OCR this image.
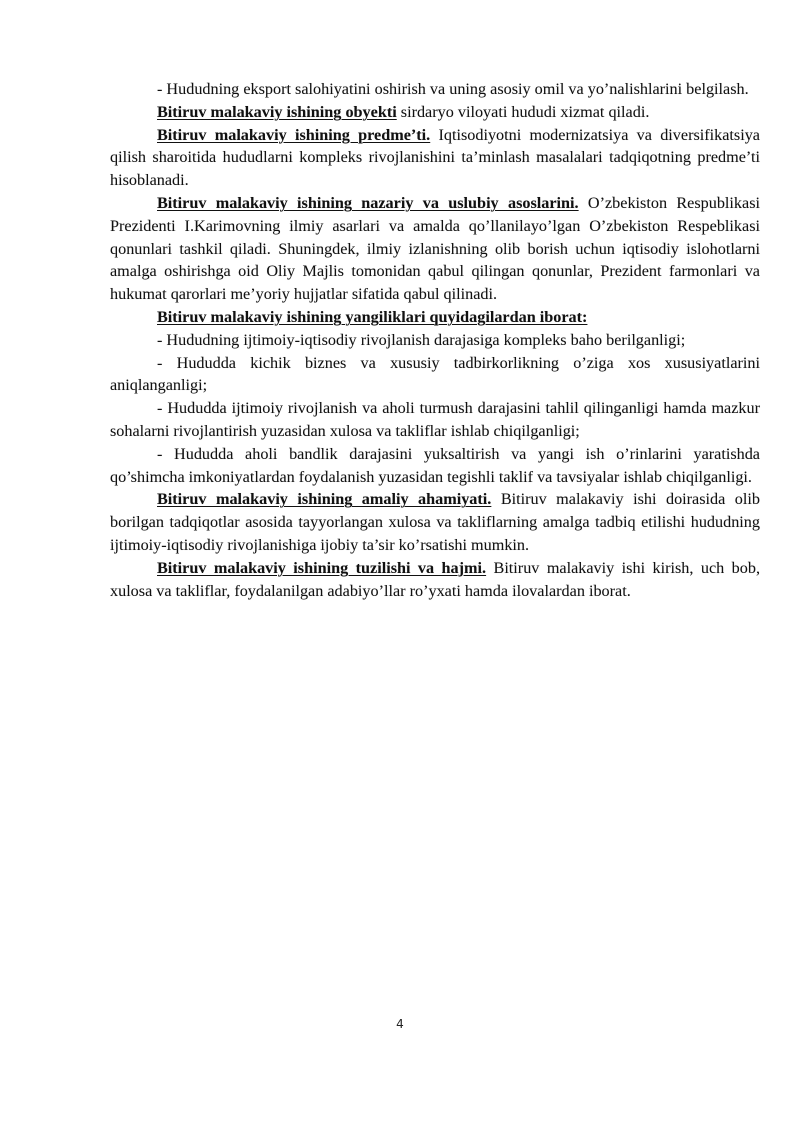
- Hududning eksport salohiyatini oshirish va uning asosiy omil va yo’nalishlarini belgilash.

Bitiruv malakaviy ishining obyekti sirdaryo viloyati hududi xizmat qiladi.

Bitiruv malakaviy ishining predme’ti. Iqtisodiyotni modernizatsiya va diversifikatsiya qilish sharoitida hududlarni kompleks rivojlanishini ta’minlash masalalari tadqiqotning predme’ti hisoblanadi.

Bitiruv malakaviy ishining nazariy va uslubiy asoslarini. O’zbekiston Respublikasi Prezidenti I.Karimovning ilmiy asarlari va amalda qo’llanilayo’lgan O’zbekiston Respeblikasi qonunlari tashkil qiladi. Shuningdek, ilmiy izlanishning olib borish uchun iqtisodiy islohotlarni amalga oshirishga oid Oliy Majlis tomonidan qabul qilingan qonunlar, Prezident farmonlari va hukumat qarorlari me’yoriy hujjatlar sifatida qabul qilinadi.

Bitiruv malakaviy ishining yangiliklari quyidagilardan iborat:

- Hududning ijtimoiy-iqtisodiy rivojlanish darajasiga kompleks baho berilganligi;

- Hududda kichik biznes va xususiy tadbirkorlikning o’ziga xos xususiyatlarini aniqlanganligi;

- Hududda ijtimoiy rivojlanish va aholi turmush darajasini tahlil qilinganligi hamda mazkur sohalarni rivojlantirish yuzasidan xulosa va takliflar ishlab chiqilganligi;

- Hududda aholi bandlik darajasini yuksaltirish va yangi ish o’rinlarini yaratishda qo’shimcha imkoniyatlardan foydalanish yuzasidan tegishli taklif va tavsiyalar ishlab chiqilganligi.

Bitiruv malakaviy ishining amaliy ahamiyati. Bitiruv malakaviy ishi doirasida olib borilgan tadqiqotlar asosida tayyorlangan xulosa va takliflarning amalga tadbiq etilishi hududning ijtimoiy-iqtisodiy rivojlanishiga ijobiy ta’sir ko’rsatishi mumkin.

Bitiruv malakaviy ishining tuzilishi va hajmi. Bitiruv malakaviy ishi kirish, uch bob, xulosa va takliflar, foydalanilgan adabiyo’llar ro’yxati hamda ilovalardan iborat.

4
